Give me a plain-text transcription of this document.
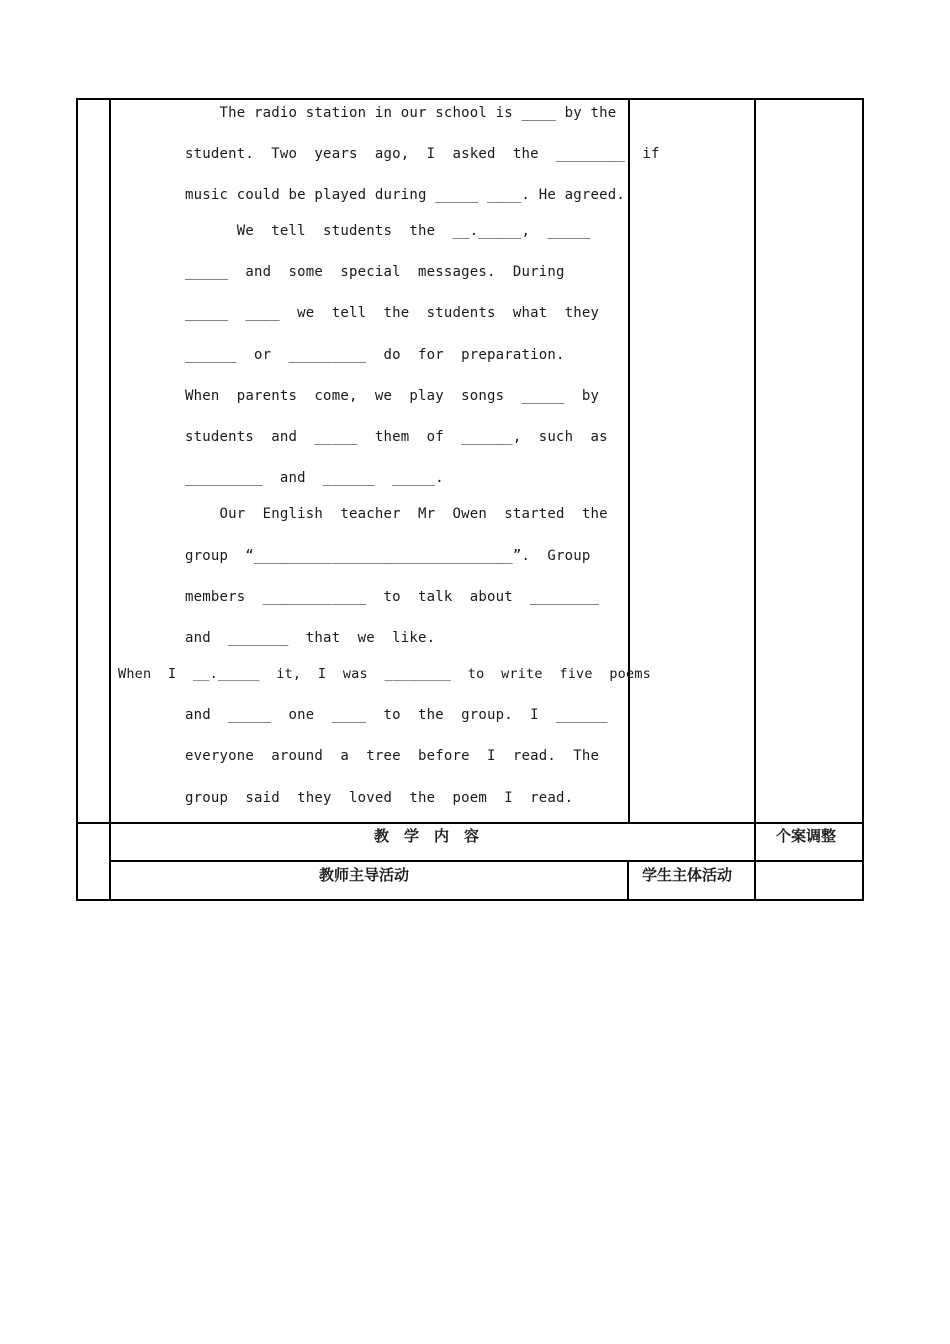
The radio station in our school is ____ by the
student.  Two  years  ago,  I  asked  the  ________  if
music could be played during _____ ____. He agreed.
We  tell  students  the  __._____,  _____
_____  and  some  special  messages.  During
_____  ____  we  tell  the  students  what  they
______  or  _________  do  for  preparation.
When  parents  come,  we  play  songs  _____  by
students  and  _____  them  of  ______,  such  as
_________  and  ______  _____.
Our  English  teacher  Mr  Owen  started  the
group  “______________________________”.  Group
members  ____________  to  talk  about  ________
and  _______  that  we  like.
When  I  __._____  it,  I  was  ________  to  write  five  poems
and  _____  one  ____  to  the  group.  I  ______
everyone  around  a  tree  before  I  read.  The
group  said  they  loved  the  poem  I  read.
教　学　内　容	个案调整
教师主导活动	学生主体活动
